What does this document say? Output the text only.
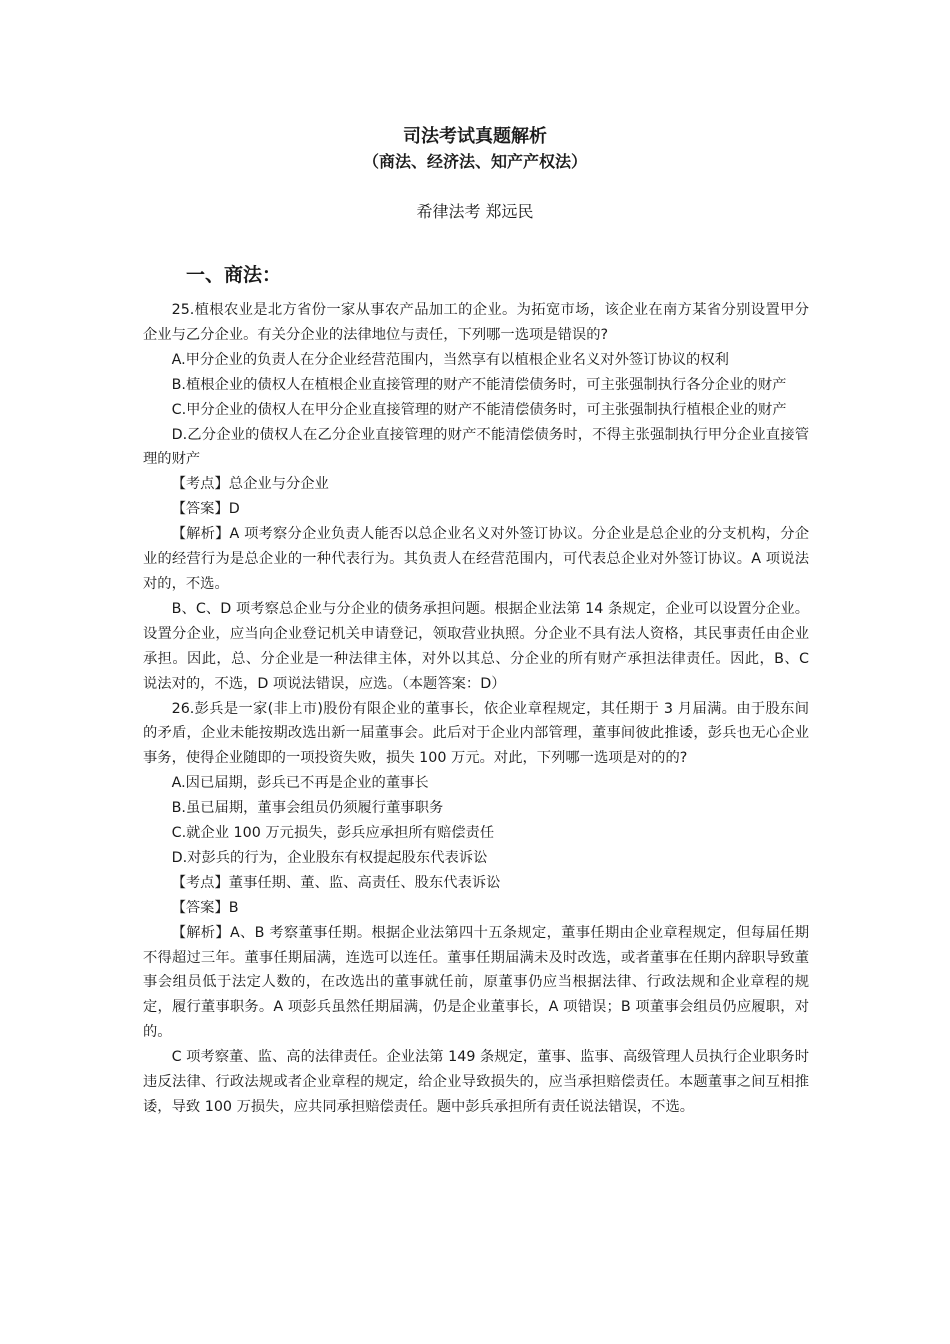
司法考试真题解析
（商法、经济法、知产产权法）
希律法考 郑远民
一、商法：

25.植根农业是北方省份一家从事农产品加工的企业。为拓宽市场，该企业在南方某省分别设置甲分企业与乙分企业。有关分企业的法律地位与责任，下列哪一选项是错误的?

A.甲分企业的负责人在分企业经营范围内，当然享有以植根企业名义对外签订协议的权利

B.植根企业的债权人在植根企业直接管理的财产不能清偿债务时，可主张强制执行各分企业的财产

C.甲分企业的债权人在甲分企业直接管理的财产不能清偿债务时，可主张强制执行植根企业的财产

D.乙分企业的债权人在乙分企业直接管理的财产不能清偿债务时，不得主张强制执行甲分企业直接管理的财产

【考点】总企业与分企业

【答案】D

【解析】A 项考察分企业负责人能否以总企业名义对外签订协议。分企业是总企业的分支机构，分企业的经营行为是总企业的一种代表行为。其负责人在经营范围内，可代表总企业对外签订协议。A 项说法对的，不选。

B、C、D 项考察总企业与分企业的债务承担问题。根据企业法第 14 条规定，企业可以设置分企业。设置分企业，应当向企业登记机关申请登记，领取营业执照。分企业不具有法人资格，其民事责任由企业承担。因此，总、分企业是一种法律主体，对外以其总、分企业的所有财产承担法律责任。因此，B、C 说法对的，不选，D 项说法错误，应选。（本题答案：D）

26.彭兵是一家(非上市)股份有限企业的董事长，依企业章程规定，其任期于 3 月届满。由于股东间的矛盾，企业未能按期改选出新一届董事会。此后对于企业内部管理，董事间彼此推诿，彭兵也无心企业事务，使得企业随即的一项投资失败，损失 100 万元。对此，下列哪一选项是对的的?

A.因已届期，彭兵已不再是企业的董事长

B.虽已届期，董事会组员仍须履行董事职务

C.就企业 100 万元损失，彭兵应承担所有赔偿责任

D.对彭兵的行为，企业股东有权提起股东代表诉讼

【考点】董事任期、董、监、高责任、股东代表诉讼

【答案】B

【解析】A、B 考察董事任期。根据企业法第四十五条规定，董事任期由企业章程规定，但每届任期不得超过三年。董事任期届满，连选可以连任。董事任期届满未及时改选，或者董事在任期内辞职导致董事会组员低于法定人数的，在改选出的董事就任前，原董事仍应当根据法律、行政法规和企业章程的规定，履行董事职务。A 项彭兵虽然任期届满，仍是企业董事长，A 项错误；B 项董事会组员仍应履职，对的。

C 项考察董、监、高的法律责任。企业法第 149 条规定，董事、监事、高级管理人员执行企业职务时违反法律、行政法规或者企业章程的规定，给企业导致损失的，应当承担赔偿责任。本题董事之间互相推诿，导致 100 万损失，应共同承担赔偿责任。题中彭兵承担所有责任说法错误，不选。
